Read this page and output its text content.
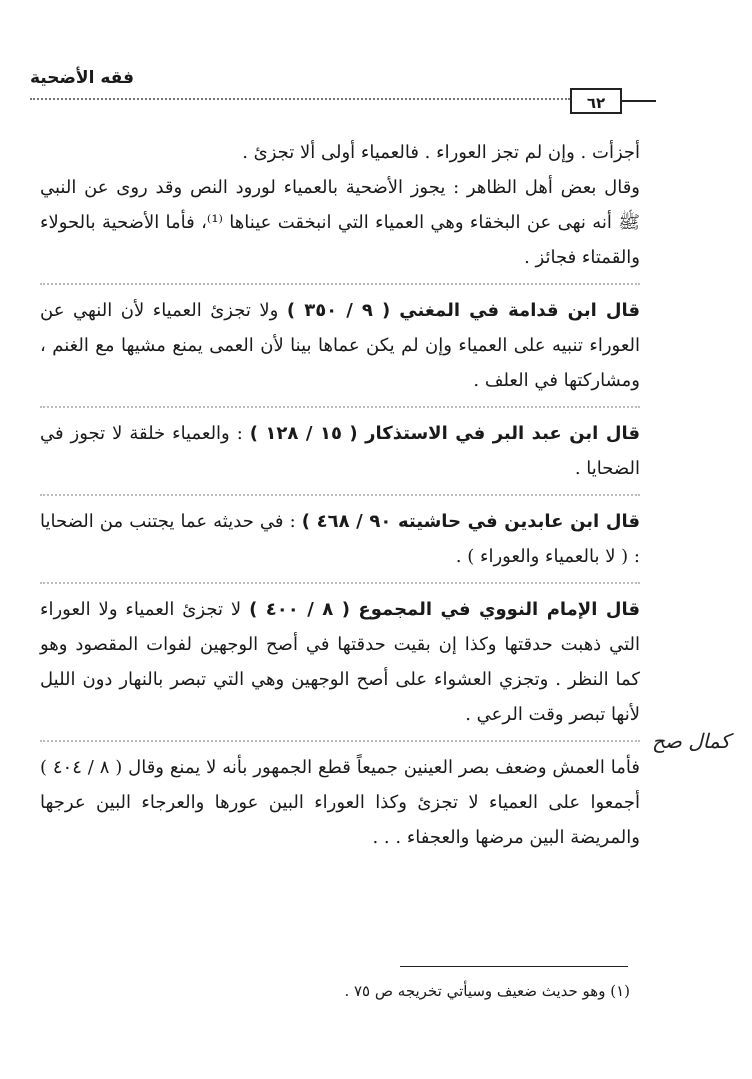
فقه الأضحية
٦٢

أجزأت . وإن لم تجز العوراء . فالعمياء أولى ألا تجزئ .

وقال بعض أهل الظاهر : يجوز الأضحية بالعمياء لورود النص وقد روى عن النبي ﷺ أنه نهى عن البخقاء وهي العمياء التي انبخقت عيناها ⁽¹⁾، فأما الأضحية بالحولاء والقمتاء فجائز .

قال ابن قدامة في المغني ( ٩ / ٣٥٠ ) ولا تجزئ العمياء لأن النهي عن العوراء تنبيه على العمياء وإن لم يكن عماها بينا لأن العمى يمنع مشيها مع الغنم ، ومشاركتها في العلف .

قال ابن عبد البر في الاستذكار ( ١٥ / ١٢٨ ) : والعمياء خلقة لا تجوز في الضحايا .

قال ابن عابدين في حاشيته ٩٠ / ٤٦٨ ) : في حديثه عما يجتنب من الضحايا : ( لا بالعمياء والعوراء ) .

قال الإمام النووي في المجموع ( ٨ / ٤٠٠ ) لا تجزئ العمياء ولا العوراء التي ذهبت حدقتها وكذا إن بقيت حدقتها في أصح الوجهين لفوات المقصود وهو كما النظر . وتجزي العشواء على أصح الوجهين وهي التي تبصر بالنهار دون الليل لأنها تبصر وقت الرعي .

فأما العمش وضعف بصر العينين جميعاً قطع الجمهور بأنه لا يمنع وقال ( ٨ / ٤٠٤ ) أجمعوا على العمياء لا تجزئ وكذا العوراء البين عورها والعرجاء البين عرجها والمريضة البين مرضها والعجفاء . . .

كمال صح
(١) وهو حديث ضعيف وسيأتي تخريجه ص ٧٥ .
